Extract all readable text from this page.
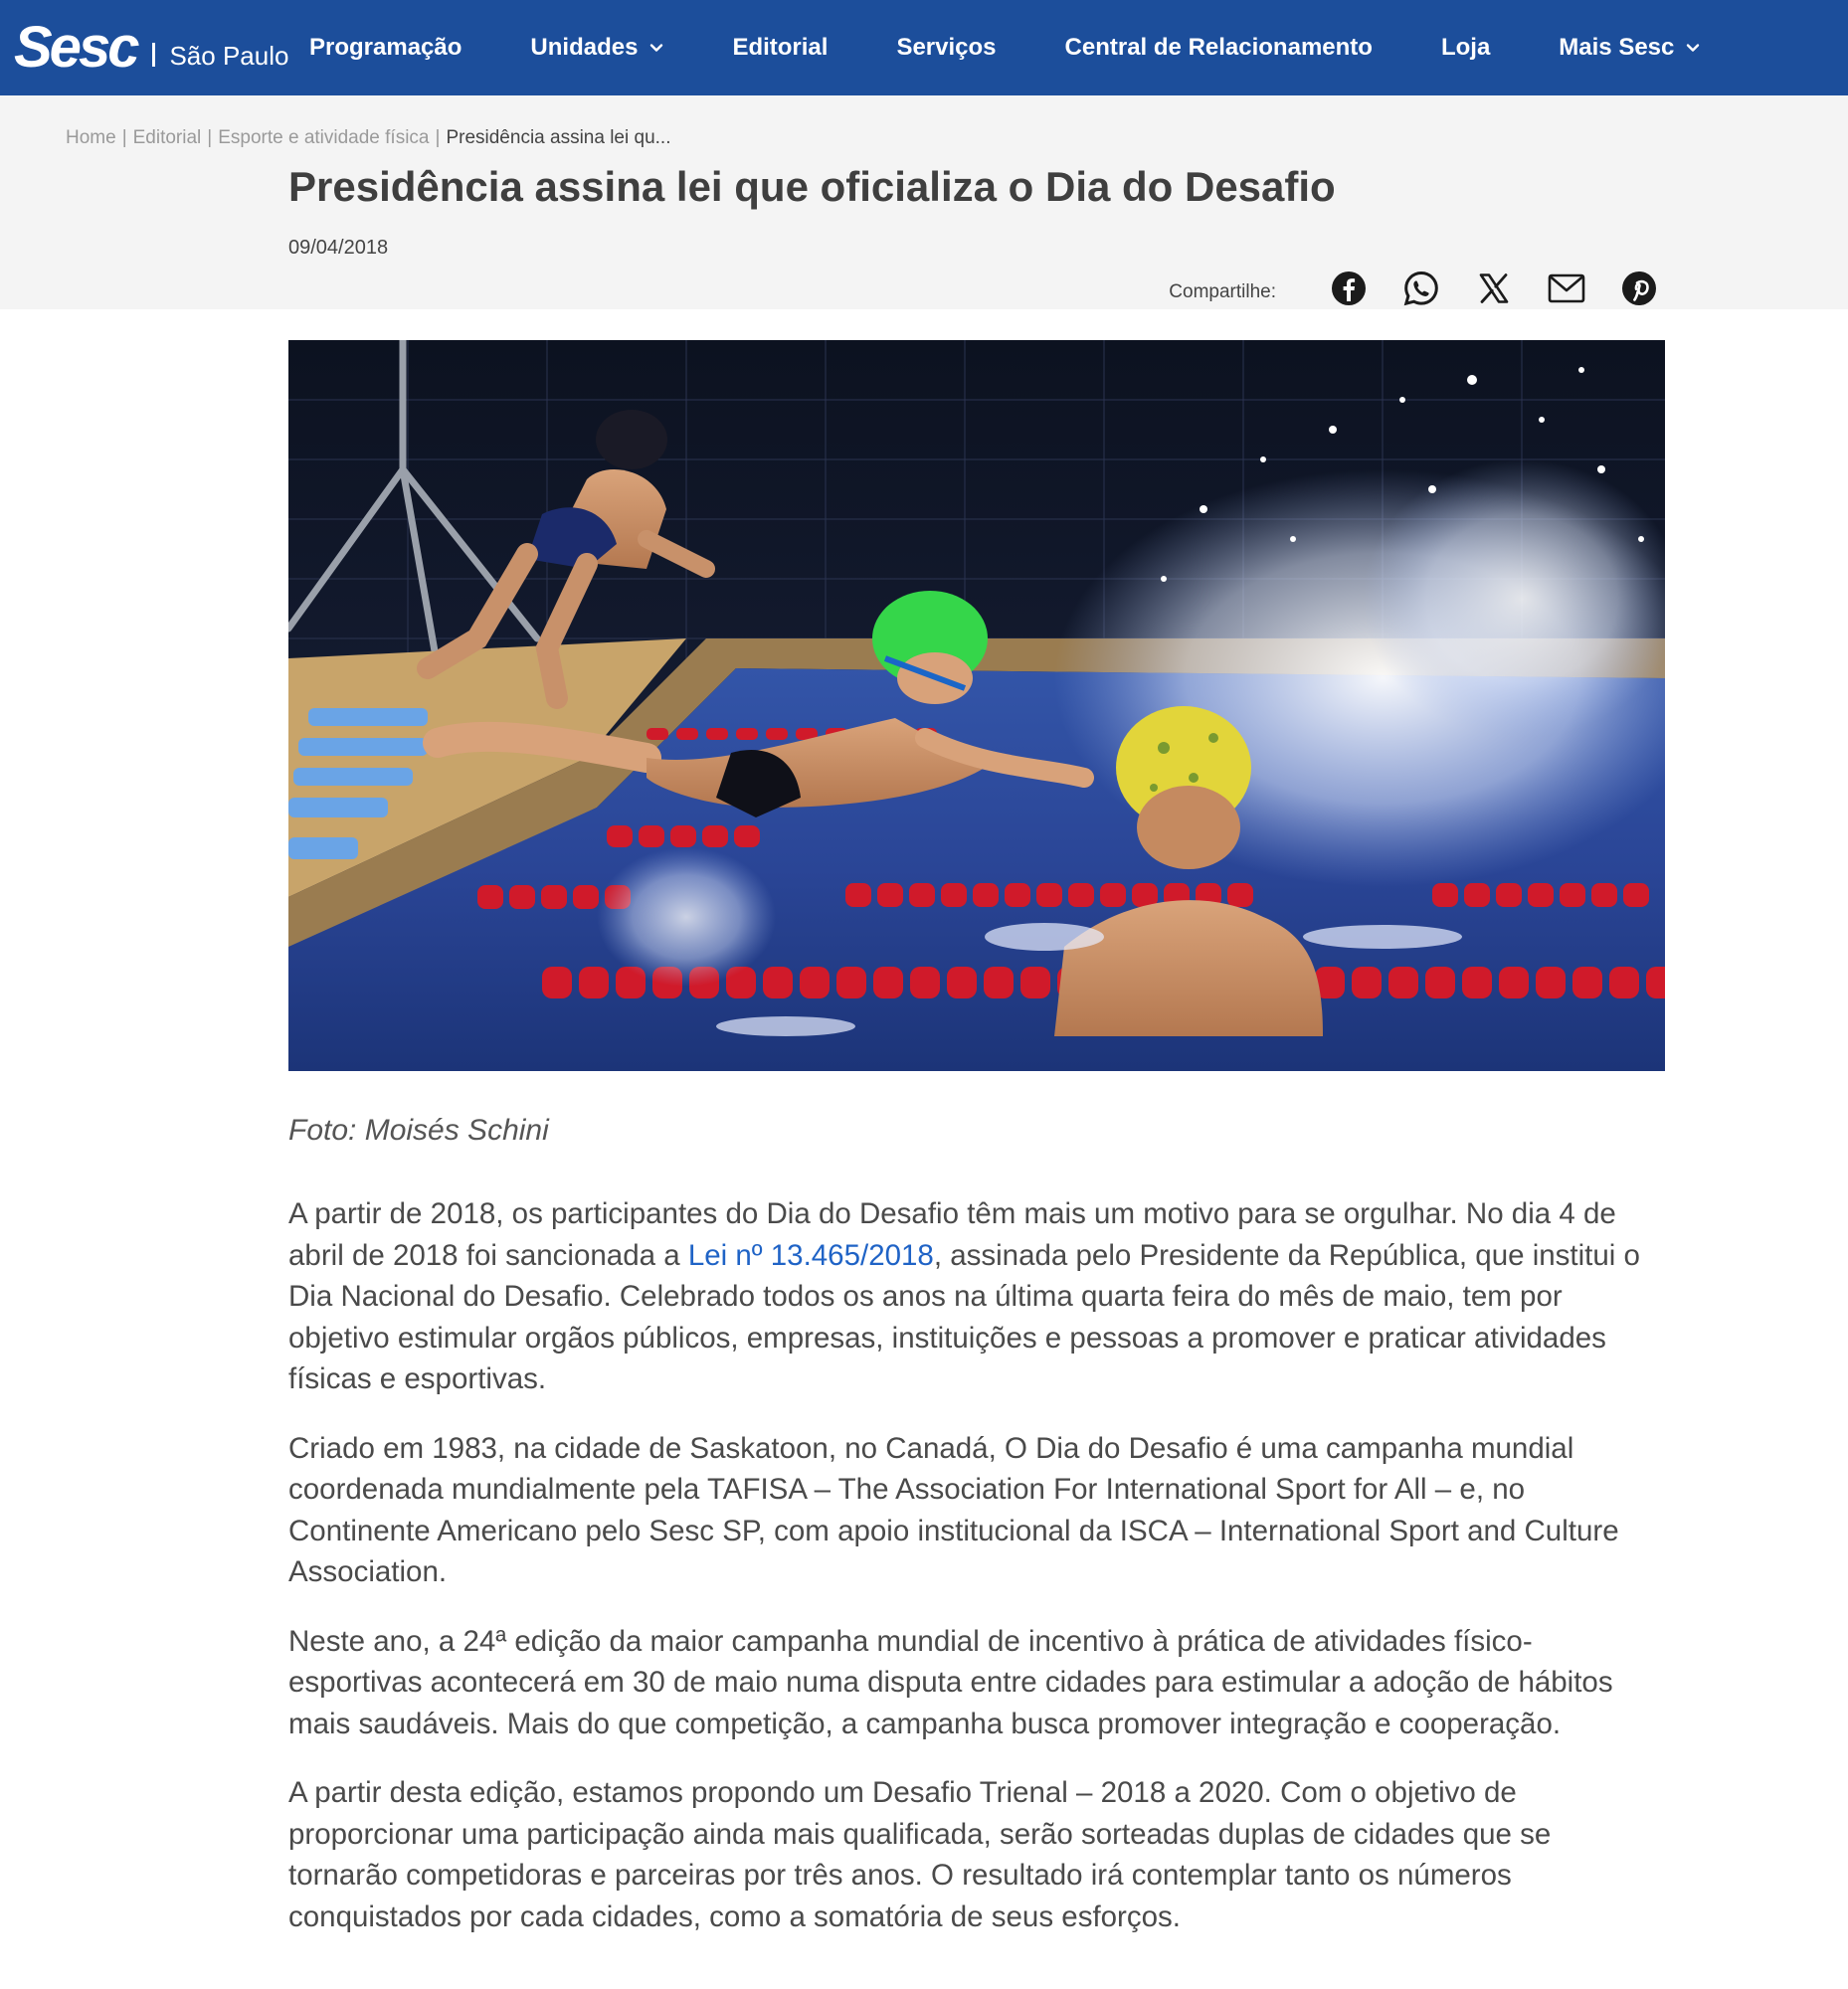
Sesc São Paulo Programação	Unidades	Editorial	Serviços	Central de Relacionamento	Loja	Mais Sesc
Home | Editorial | Esporte e atividade física | Presidência assina lei qu...
Presidência assina lei que oficializa o Dia do Desafio
09/04/2018
Compartilhe:
Foto: Moisés Schini

A partir de 2018, os participantes do Dia do Desafio têm mais um motivo para se orgulhar. No dia 4 de abril de 2018 foi sancionada a Lei nº 13.465/2018, assinada pelo Presidente da República, que institui o Dia Nacional do Desafio. Celebrado todos os anos na última quarta feira do mês de maio, tem por objetivo estimular orgãos públicos, empresas, instituições e pessoas a promover e praticar atividades físicas e esportivas.

Criado em 1983, na cidade de Saskatoon, no Canadá, O Dia do Desafio é uma campanha mundial coordenada mundialmente pela TAFISA – The Association For International Sport for All – e, no Continente Americano pelo Sesc SP, com apoio institucional da ISCA – International Sport and Culture Association.

Neste ano, a 24ª edição da maior campanha mundial de incentivo à prática de atividades físico-esportivas acontecerá em 30 de maio numa disputa entre cidades para estimular a adoção de hábitos mais saudáveis. Mais do que competição, a campanha busca promover integração e cooperação.

A partir desta edição, estamos propondo um Desafio Trienal – 2018 a 2020. Com o objetivo de proporcionar uma participação ainda mais qualificada, serão sorteadas duplas de cidades que se tornarão competidoras e parceiras por três anos. O resultado irá contemplar tanto os números conquistados por cada cidades, como a somatória de seus esforços.
